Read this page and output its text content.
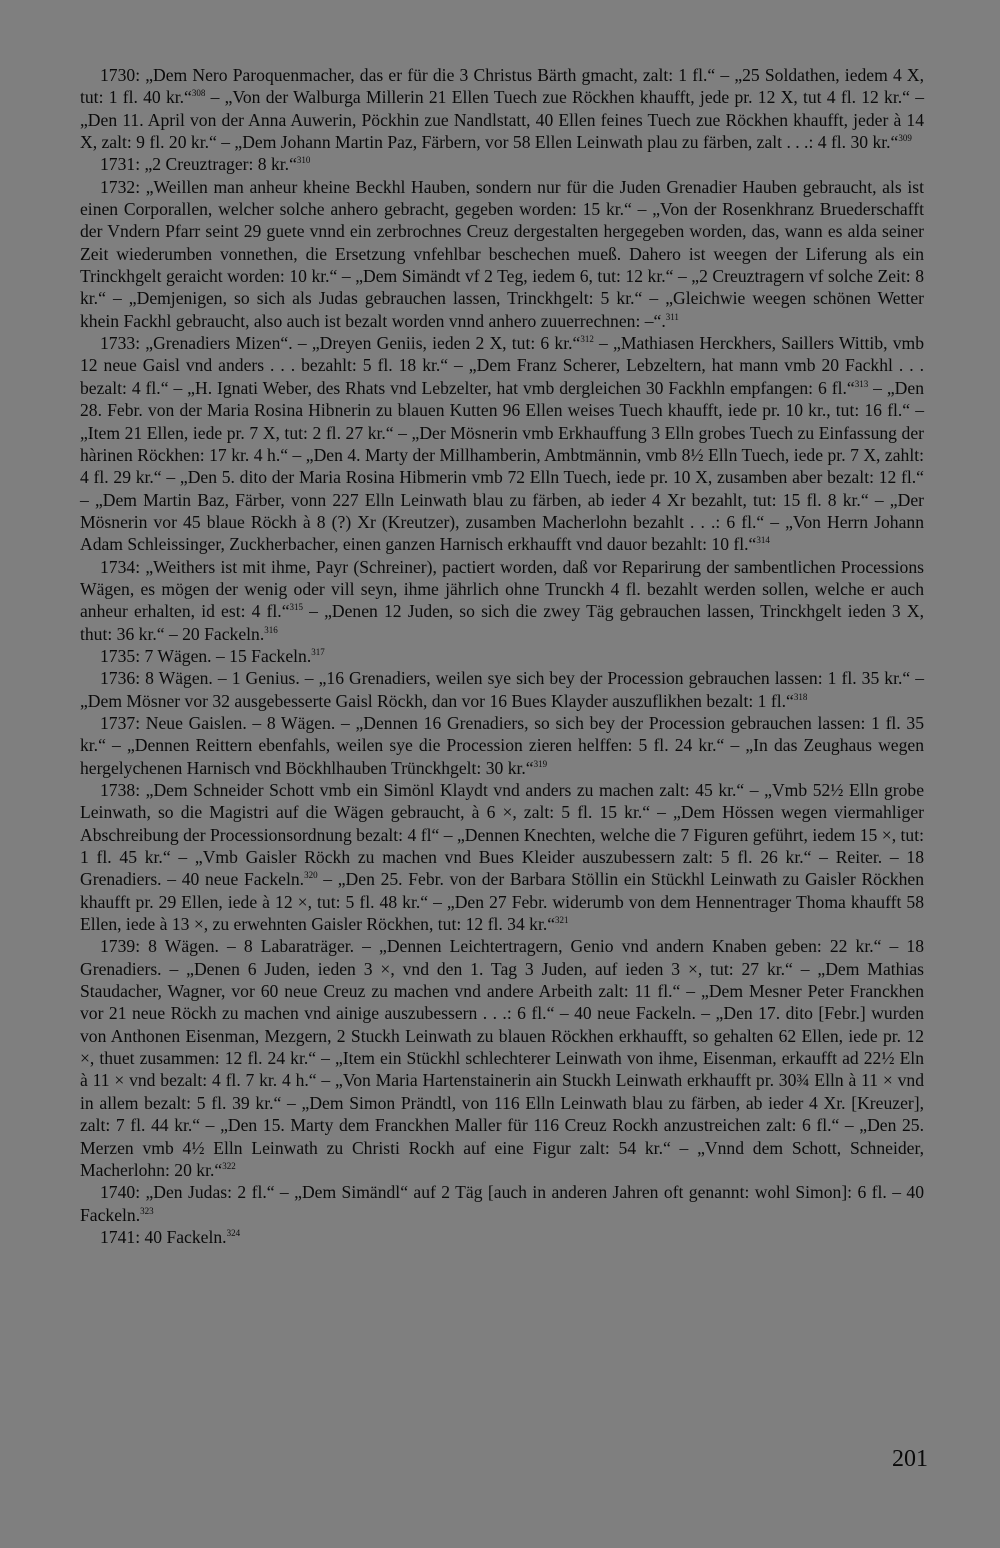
1730: „Dem Nero Paroquenmacher, das er für die 3 Christus Bärth gmacht, zalt: 1 fl.“ – „25 Soldathen, iedem 4 X, tut: 1 fl. 40 kr.“$^{308}$ – „Von der Walburga Millerin 21 Ellen Tuech zue Röckhen khaufft, jede pr. 12 X, tut 4 fl. 12 kr.“ – „Den 11. April von der Anna Auwerin, Pöckhin zue Nandlstatt, 40 Ellen feines Tuech zue Röckhen khaufft, jeder à 14 X, zalt: 9 fl. 20 kr.“ – „Dem Johann Martin Paz, Färbern, vor 58 Ellen Leinwath plau zu färben, zalt . . .: 4 fl. 30 kr.“$^{309}$

1731: „2 Creuztrager: 8 kr.“$^{310}$

1732: „Weillen man anheur kheine Beckhl Hauben, sondern nur für die Juden Grenadier Hauben gebraucht, als ist einen Corporallen, welcher solche anhero gebracht, gegeben worden: 15 kr.“ – „Von der Rosenkhranz Bruederschafft der Vndern Pfarr seint 29 guete vnnd ein zerbrochnes Creuz dergestalten hergegeben worden, das, wann es alda seiner Zeit wiederumben vonnethen, die Ersetzung vnfehlbar beschechen mueß. Dahero ist weegen der Liferung als ein Trinckhgelt geraicht worden: 10 kr.“ – „Dem Simändt vf 2 Teg, iedem 6, tut: 12 kr.“ – „2 Creuztragern vf solche Zeit: 8 kr.“ – „Demjenigen, so sich als Judas gebrauchen lassen, Trinckhgelt: 5 kr.“ – „Gleichwie weegen schönen Wetter khein Fackhl gebraucht, also auch ist bezalt worden vnnd anhero zuuerrechnen: –“.$^{311}$

1733: „Grenadiers Mizen“. – „Dreyen Geniis, ieden 2 X, tut: 6 kr.“$^{312}$ – „Mathiasen Herckhers, Saillers Wittib, vmb 12 neue Gaisl vnd anders . . . bezahlt: 5 fl. 18 kr.“ – „Dem Franz Scherer, Lebzeltern, hat mann vmb 20 Fackhl . . . bezalt: 4 fl.“ – „H. Ignati Weber, des Rhats vnd Lebzelter, hat vmb dergleichen 30 Fackhln empfangen: 6 fl.“$^{313}$ – „Den 28. Febr. von der Maria Rosina Hibnerin zu blauen Kutten 96 Ellen weises Tuech khaufft, iede pr. 10 kr., tut: 16 fl.“ – „Item 21 Ellen, iede pr. 7 X, tut: 2 fl. 27 kr.“ – „Der Mösnerin vmb Erkhauffung 3 Elln grobes Tuech zu Einfassung der hàrinen Röckhen: 17 kr. 4 h.“ – „Den 4. Marty der Millhamberin, Ambtmännin, vmb 8½ Elln Tuech, iede pr. 7 X, zahlt: 4 fl. 29 kr.“ – „Den 5. dito der Maria Rosina Hibmerin vmb 72 Elln Tuech, iede pr. 10 X, zusamben aber bezalt: 12 fl.“ – „Dem Martin Baz, Färber, vonn 227 Elln Leinwath blau zu färben, ab ieder 4 Xr bezahlt, tut: 15 fl. 8 kr.“ – „Der Mösnerin vor 45 blaue Röckh à 8 (?) Xr (Kreutzer), zusamben Macherlohn bezahlt . . .: 6 fl.“ – „Von Herrn Johann Adam Schleissinger, Zuckherbacher, einen ganzen Harnisch erkhaufft vnd dauor bezahlt: 10 fl.“$^{314}$

1734: „Weithers ist mit ihme, Payr (Schreiner), pactiert worden, daß vor Reparirung der sambentlichen Processions Wägen, es mögen der wenig oder vill seyn, ihme jährlich ohne Trunckh 4 fl. bezahlt werden sollen, welche er auch anheur erhalten, id est: 4 fl.“$^{315}$ – „Denen 12 Juden, so sich die zwey Täg gebrauchen lassen, Trinckhgelt ieden 3 X, thut: 36 kr.“ – 20 Fackeln.$^{316}$

1735: 7 Wägen. – 15 Fackeln.$^{317}$

1736: 8 Wägen. – 1 Genius. – „16 Grenadiers, weilen sye sich bey der Procession gebrauchen lassen: 1 fl. 35 kr.“ – „Dem Mösner vor 32 ausgebesserte Gaisl Röckh, dan vor 16 Bues Klayder auszuflikhen bezalt: 1 fl.“$^{318}$

1737: Neue Gaislen. – 8 Wägen. – „Dennen 16 Grenadiers, so sich bey der Procession gebrauchen lassen: 1 fl. 35 kr.“ – „Dennen Reittern ebenfahls, weilen sye die Procession zieren helffen: 5 fl. 24 kr.“ – „In das Zeughaus wegen hergelychenen Harnisch vnd Böckhlhauben Trünckhgelt: 30 kr.“$^{319}$

1738: „Dem Schneider Schott vmb ein Simönl Klaydt vnd anders zu machen zalt: 45 kr.“ – „Vmb 52½ Elln grobe Leinwath, so die Magistri auf die Wägen gebraucht, à 6 ×, zalt: 5 fl. 15 kr.“ – „Dem Hössen wegen viermahliger Abschreibung der Processionsordnung bezalt: 4 fl“ – „Dennen Knechten, welche die 7 Figuren geführt, iedem 15 ×, tut: 1 fl. 45 kr.“ – „Vmb Gaisler Röckh zu machen vnd Bues Kleider auszubessern zalt: 5 fl. 26 kr.“ – Reiter. – 18 Grenadiers. – 40 neue Fackeln.$^{320}$ – „Den 25. Febr. von der Barbara Stöllin ein Stückhl Leinwath zu Gaisler Röckhen khaufft pr. 29 Ellen, iede à 12 ×, tut: 5 fl. 48 kr.“ – „Den 27 Febr. widerumb von dem Hennentrager Thoma khaufft 58 Ellen, iede à 13 ×, zu erwehnten Gaisler Röckhen, tut: 12 fl. 34 kr.“$^{321}$

1739: 8 Wägen. – 8 Labaraträger. – „Dennen Leichtertragern, Genio vnd andern Knaben geben: 22 kr.“ – 18 Grenadiers. – „Denen 6 Juden, ieden 3 ×, vnd den 1. Tag 3 Juden, auf ieden 3 ×, tut: 27 kr.“ – „Dem Mathias Staudacher, Wagner, vor 60 neue Creuz zu machen vnd andere Arbeith zalt: 11 fl.“ – „Dem Mesner Peter Franckhen vor 21 neue Röckh zu machen vnd ainige auszubessern . . .: 6 fl.“ – 40 neue Fackeln. – „Den 17. dito [Febr.] wurden von Anthonen Eisenman, Mezgern, 2 Stuckh Leinwath zu blauen Röckhen erkhaufft, so gehalten 62 Ellen, iede pr. 12 ×, thuet zusammen: 12 fl. 24 kr.“ – „Item ein Stückhl schlechterer Leinwath von ihme, Eisenman, erkaufft ad 22½ Eln à 11 × vnd bezalt: 4 fl. 7 kr. 4 h.“ – „Von Maria Hartenstainerin ain Stuckh Leinwath erkhaufft pr. 30¾ Elln à 11 × vnd in allem bezalt: 5 fl. 39 kr.“ – „Dem Simon Prändtl, von 116 Elln Leinwath blau zu färben, ab ieder 4 Xr. [Kreuzer], zalt: 7 fl. 44 kr.“ – „Den 15. Marty dem Franckhen Maller für 116 Creuz Rockh anzustreichen zalt: 6 fl.“ – „Den 25. Merzen vmb 4½ Elln Leinwath zu Christi Rockh auf eine Figur zalt: 54 kr.“ – „Vnnd dem Schott, Schneider, Macherlohn: 20 kr.“$^{322}$

1740: „Den Judas: 2 fl.“ – „Dem Simändl“ auf 2 Täg [auch in anderen Jahren oft genannt: wohl Simon]: 6 fl. – 40 Fackeln.$^{323}$

1741: 40 Fackeln.$^{324}$

201
